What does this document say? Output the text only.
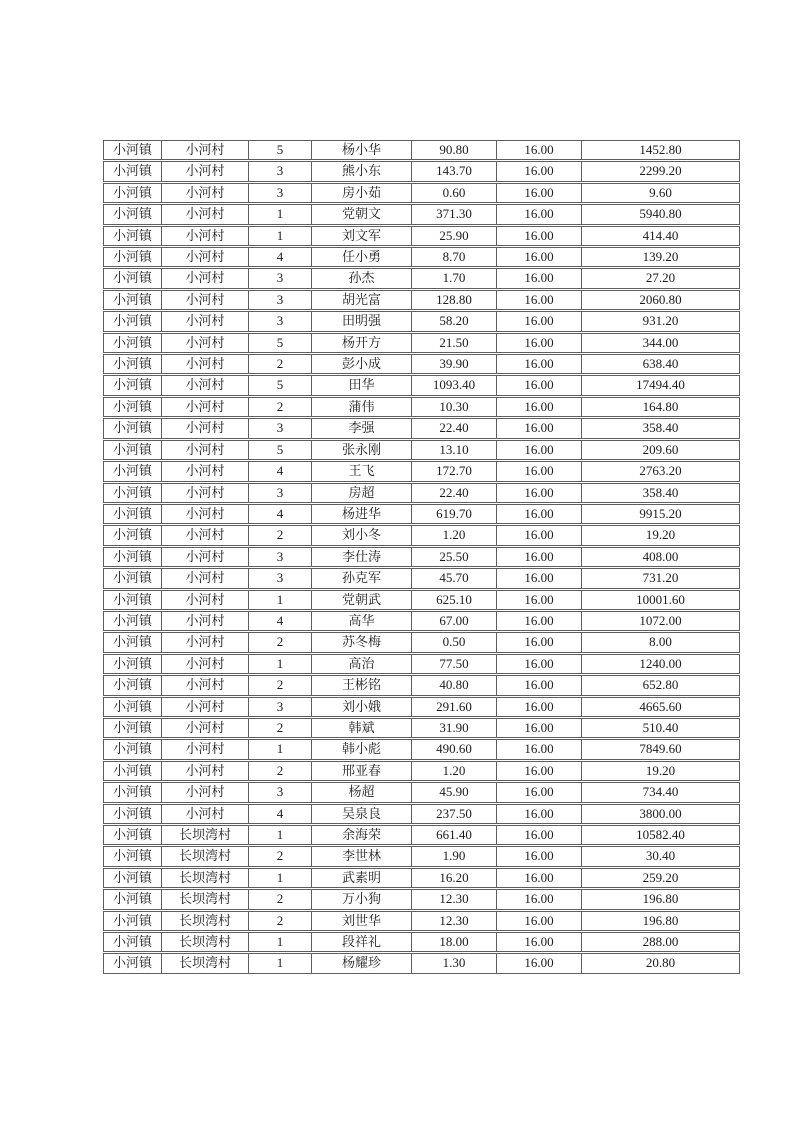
小河镇	小河村	5	杨小华	90.80	16.00	1452.80
小河镇	小河村	3	熊小东	143.70	16.00	2299.20
小河镇	小河村	3	房小茹	0.60	16.00	9.60
小河镇	小河村	1	党朝文	371.30	16.00	5940.80
小河镇	小河村	1	刘文军	25.90	16.00	414.40
小河镇	小河村	4	任小勇	8.70	16.00	139.20
小河镇	小河村	3	孙杰	1.70	16.00	27.20
小河镇	小河村	3	胡光富	128.80	16.00	2060.80
小河镇	小河村	3	田明强	58.20	16.00	931.20
小河镇	小河村	5	杨开方	21.50	16.00	344.00
小河镇	小河村	2	彭小成	39.90	16.00	638.40
小河镇	小河村	5	田华	1093.40	16.00	17494.40
小河镇	小河村	2	蒲伟	10.30	16.00	164.80
小河镇	小河村	3	李强	22.40	16.00	358.40
小河镇	小河村	5	张永刚	13.10	16.00	209.60
小河镇	小河村	4	王飞	172.70	16.00	2763.20
小河镇	小河村	3	房超	22.40	16.00	358.40
小河镇	小河村	4	杨进华	619.70	16.00	9915.20
小河镇	小河村	2	刘小冬	1.20	16.00	19.20
小河镇	小河村	3	李仕涛	25.50	16.00	408.00
小河镇	小河村	3	孙克军	45.70	16.00	731.20
小河镇	小河村	1	党朝武	625.10	16.00	10001.60
小河镇	小河村	4	高华	67.00	16.00	1072.00
小河镇	小河村	2	苏冬梅	0.50	16.00	8.00
小河镇	小河村	1	高治	77.50	16.00	1240.00
小河镇	小河村	2	王彬铭	40.80	16.00	652.80
小河镇	小河村	3	刘小娥	291.60	16.00	4665.60
小河镇	小河村	2	韩斌	31.90	16.00	510.40
小河镇	小河村	1	韩小彪	490.60	16.00	7849.60
小河镇	小河村	2	邢亚春	1.20	16.00	19.20
小河镇	小河村	3	杨超	45.90	16.00	734.40
小河镇	小河村	4	吴泉良	237.50	16.00	3800.00
小河镇	长坝湾村	1	余海荣	661.40	16.00	10582.40
小河镇	长坝湾村	2	李世林	1.90	16.00	30.40
小河镇	长坝湾村	1	武素明	16.20	16.00	259.20
小河镇	长坝湾村	2	万小狗	12.30	16.00	196.80
小河镇	长坝湾村	2	刘世华	12.30	16.00	196.80
小河镇	长坝湾村	1	段祥礼	18.00	16.00	288.00
小河镇	长坝湾村	1	杨耀珍	1.30	16.00	20.80
